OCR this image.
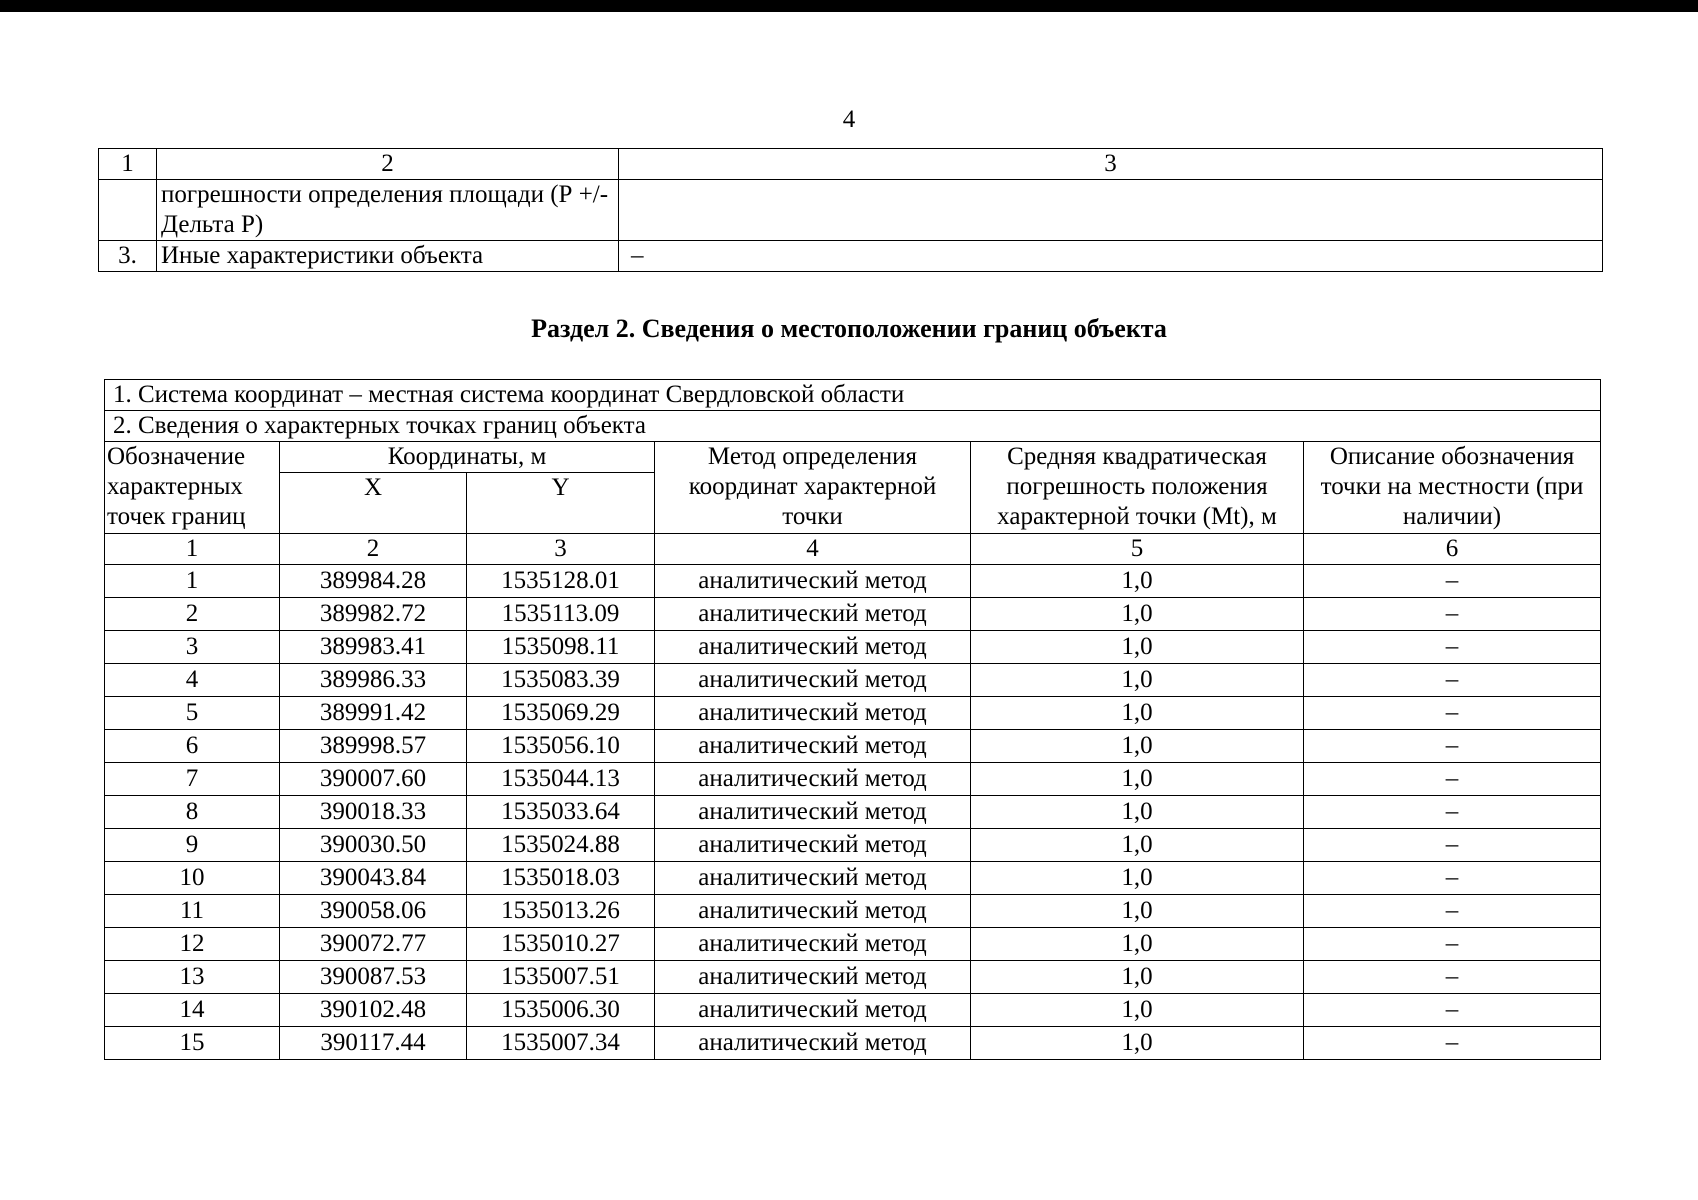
4
1	2	3
	погрешности определения площади (Р +/- Дельта Р)	
3.	Иные характеристики объекта	–
Раздел 2. Сведения о местоположении границ объекта
1. Система координат – местная система координат Свердловской области					
2. Сведения о характерных точках границ объекта					
Обозначение характерных точек границ	Координаты, м		Метод определения координат характерной точки	Средняя квадратическая погрешность положения характерной точки (Mt), м	Описание обозначения точки на местности (при наличии)
	X	Y			
1	2	3	4	5	6
1	389984.28	1535128.01	аналитический метод	1,0	–
2	389982.72	1535113.09	аналитический метод	1,0	–
3	389983.41	1535098.11	аналитический метод	1,0	–
4	389986.33	1535083.39	аналитический метод	1,0	–
5	389991.42	1535069.29	аналитический метод	1,0	–
6	389998.57	1535056.10	аналитический метод	1,0	–
7	390007.60	1535044.13	аналитический метод	1,0	–
8	390018.33	1535033.64	аналитический метод	1,0	–
9	390030.50	1535024.88	аналитический метод	1,0	–
10	390043.84	1535018.03	аналитический метод	1,0	–
11	390058.06	1535013.26	аналитический метод	1,0	–
12	390072.77	1535010.27	аналитический метод	1,0	–
13	390087.53	1535007.51	аналитический метод	1,0	–
14	390102.48	1535006.30	аналитический метод	1,0	–
15	390117.44	1535007.34	аналитический метод	1,0	–
